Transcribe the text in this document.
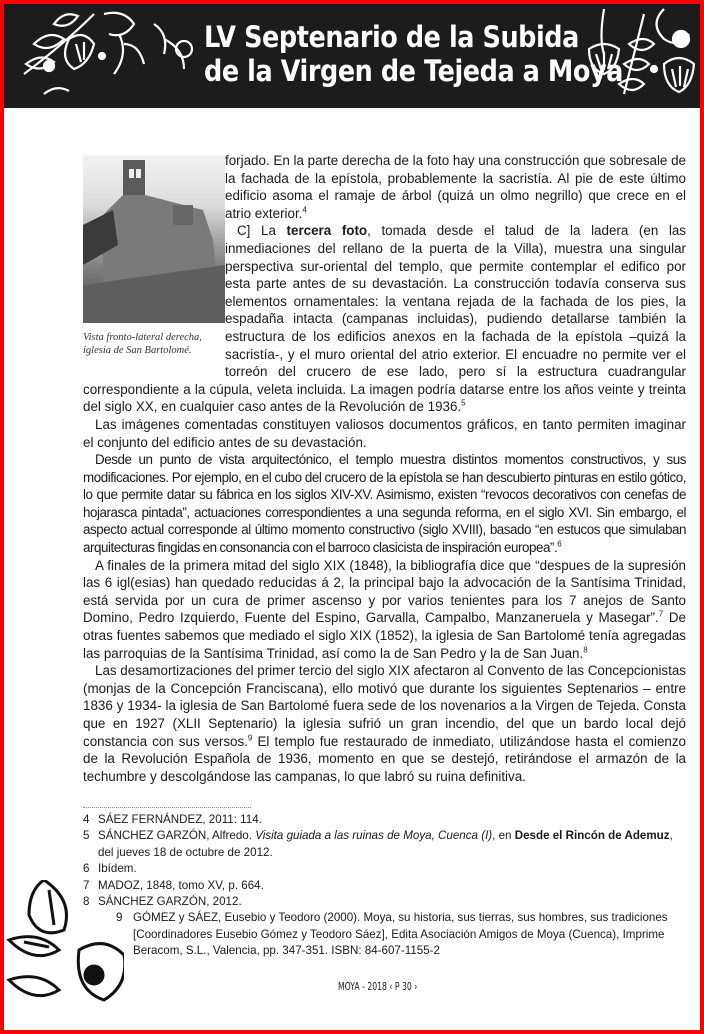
LV Septenario de la Subida
de la Virgen de Tejeda a Moya
Vista fronto-lateral derecha,
iglesia de San Bartolomé.

forjado. En la parte derecha de la foto hay una construcción que sobresale de la fachada de la epístola, probablemente la sacristía. Al pie de este último edificio asoma el ramaje de árbol (quizá un olmo negrillo) que crece en el atrio exterior.$^4$

C] La tercera foto, tomada desde el talud de la ladera (en las inmediaciones del rellano de la puerta de la Villa), muestra una singular perspectiva sur-oriental del templo, que permite contemplar el edifico por esta parte antes de su devastación. La construcción todavía conserva sus elementos ornamentales: la ventana rejada de la fachada de los pies, la espadaña intacta (campanas incluidas), pudiendo detallarse también la estructura de los edificios anexos en la fachada de la epístola –quizá la sacristía-, y el muro oriental del atrio exterior. El encuadre no permite ver el torreón del crucero de ese lado, pero sí la estructura cuadrangular correspondiente a la cúpula, veleta incluida. La imagen podría datarse entre los años veinte y treinta del siglo XX, en cualquier caso antes de la Revolución de 1936.$^5$

Las imágenes comentadas constituyen valiosos documentos gráficos, en tanto permiten imaginar el conjunto del edificio antes de su devastación.

Desde un punto de vista arquitectónico, el templo muestra distintos momentos constructivos, y sus modificaciones. Por ejemplo, en el cubo del crucero de la epístola se han descubierto pinturas en estilo gótico, lo que permite datar su fábrica en los siglos XIV-XV. Asimismo, existen “revocos decorativos con cenefas de hojarasca pintada”, actuaciones correspondientes a una segunda reforma, en el siglo XVI. Sin embargo, el aspecto actual corresponde al último momento constructivo (siglo XVIII), basado “en estucos que simulaban arquitecturas fingidas en consonancia con el barroco clasicista de inspiración europea”.$^6$

A finales de la primera mitad del siglo XIX (1848), la bibliografía dice que “despues de la supresión las 6 igl(esias) han quedado reducidas á 2, la principal bajo la advocación de la Santísima Trinidad, está servida por un cura de primer ascenso y por varios tenientes para los 7 anejos de Santo Domino, Pedro Izquierdo, Fuente del Espino, Garvalla, Campalbo, Manzaneruela y Masegar”.$^7$ De otras fuentes sabemos que mediado el siglo XIX (1852), la iglesia de San Bartolomé tenía agregadas las parroquias de la Santísima Trinidad, así como la de San Pedro y la de San Juan.$^8$

Las desamortizaciones del primer tercio del siglo XIX afectaron al Convento de las Concepcionistas (monjas de la Concepción Franciscana), ello motivó que durante los siguientes Septenarios – entre 1836 y 1934- la iglesia de San Bartolomé fuera sede de los novenarios a la Virgen de Tejeda. Consta que en 1927 (XLII Septenario) la iglesia sufrió un gran incendio, del que un bardo local dejó constancia con sus versos.$^9$ El templo fue restaurado de inmediato, utilizándose hasta el comienzo de la Revolución Española de 1936, momento en que se destejó, retirándose el armazón de la techumbre y descolgándose las campanas, lo que labró su ruina definitiva.

4 SÁEZ FERNÁNDEZ, 2011: 114.
5 SÁNCHEZ GARZÓN, Alfredo. Visita guiada a las ruinas de Moya, Cuenca (I), en Desde el Rincón de Ademuz, del jueves 18 de octubre de 2012.
6 Ibídem.
7 MADOZ, 1848, tomo XV, p. 664.
8 SÁNCHEZ GARZÓN, 2012.
9 GÓMEZ y SÁEZ, Eusebio y Teodoro (2000). Moya, su historia, sus tierras, sus hombres, sus tradiciones [Coordinadores Eusebio Gómez y Teodoro Sáez], Edita Asociación Amigos de Moya (Cuenca), Imprime Beracom, S.L., Valencia, pp. 347-351. ISBN: 84-607-1155-2
MOYA - 2018 ‹ P 30 ›
